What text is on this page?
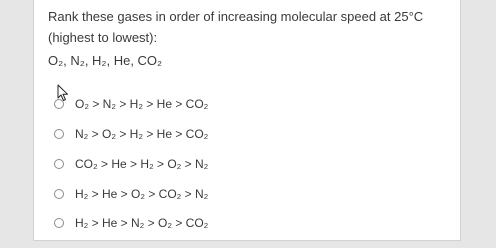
Rank these gases in order of increasing molecular speed at 25°C
(highest to lowest):
O₂, N₂, H₂, He, CO₂
O₂ > N₂ > H₂ > He > CO₂
N₂ > O₂ > H₂ > He > CO₂
CO₂ > He > H₂ > O₂ > N₂
H₂ > He > O₂ > CO₂ > N₂
H₂ > He > N₂ > O₂ > CO₂
